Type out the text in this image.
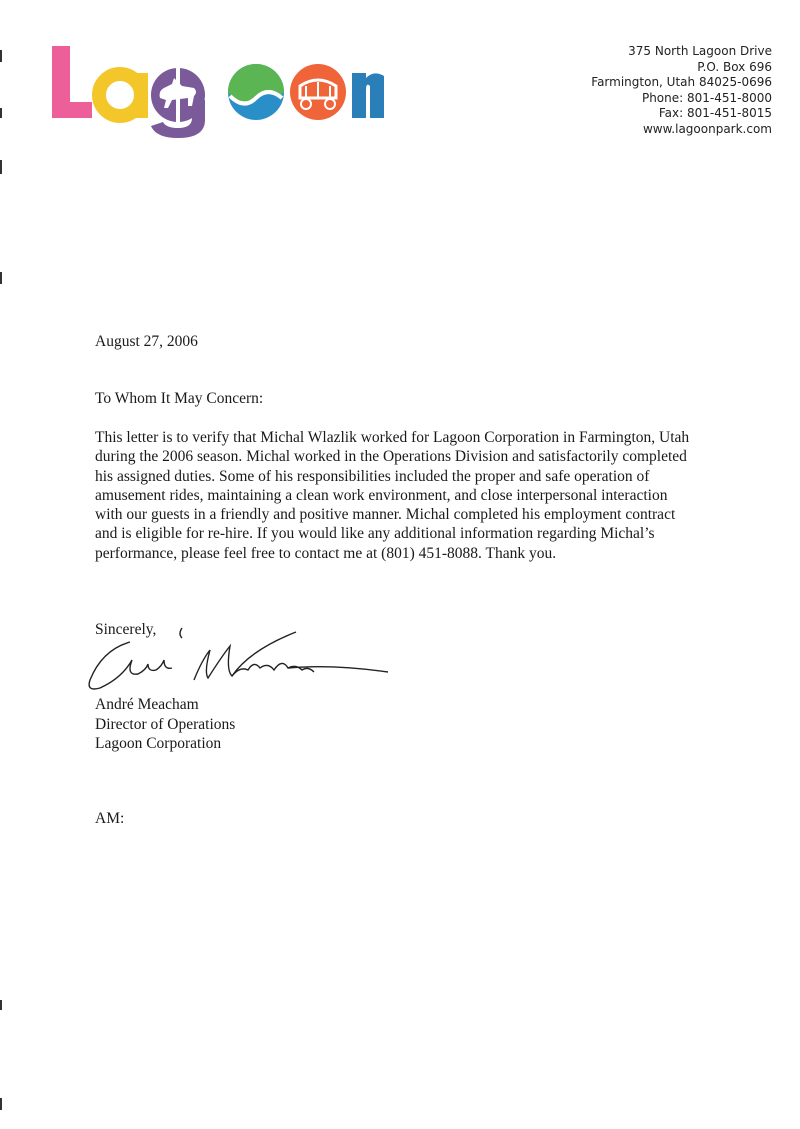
Lagoon
375 North Lagoon Drive
P.O. Box 696
Farmington, Utah 84025-0696
Phone: 801-451-8000
Fax: 801-451-8015
www.lagoonpark.com
August 27, 2006
To Whom It May Concern:
This letter is to verify that Michal Wlazlik worked for Lagoon Corporation in Farmington, Utah
during the 2006 season. Michal worked in the Operations Division and satisfactorily completed
his assigned duties. Some of his responsibilities included the proper and safe operation of
amusement rides, maintaining a clean work environment, and close interpersonal interaction
with our guests in a friendly and positive manner. Michal completed his employment contract
and is eligible for re-hire. If you would like any additional information regarding Michal’s
performance, please feel free to contact me at (801) 451-8088. Thank you.
Sincerely,
André Meacham
Director of Operations
Lagoon Corporation
AM:
